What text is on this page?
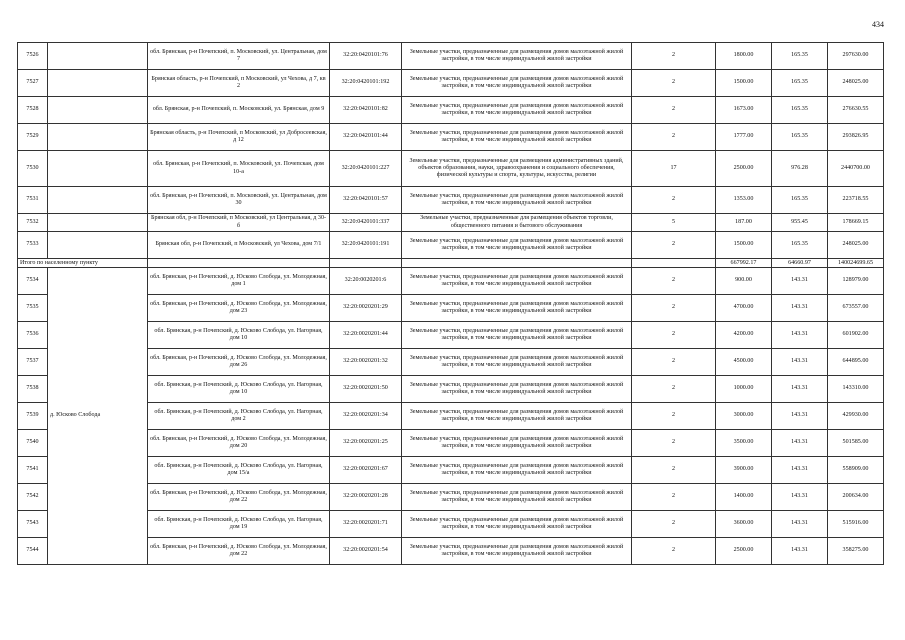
434
7526		обл. Брянская, р-н Почепский, п. Московский, ул. Центральная, дом 7	32:20:0420101:76	Земельные участки, предназначенные для размещения домов малоэтажной жилой застройки, в том числе индивидуальной жилой застройки	2	1800.00	165.35	297630.00
7527		Брянская область, р-н Почепский, п Московский, ул Чехова, д 7, кв 2	32:20:0420101:192	Земельные участки, предназначенные для размещения домов малоэтажной жилой застройки, в том числе индивидуальной жилой застройки	2	1500.00	165.35	248025.00
7528		обл. Брянская, р-н Почепский, п. Московский, ул. Брянская, дом 9	32:20:0420101:82	Земельные участки, предназначенные для размещения домов малоэтажной жилой застройки, в том числе индивидуальной жилой застройки	2	1673.00	165.35	276630.55
7529		Брянская область, р-н Почепский, п Московский, ул Добросеевская, д 12	32:20:0420101:44	Земельные участки, предназначенные для размещения домов малоэтажной жилой застройки, в том числе индивидуальной жилой застройки	2	1777.00	165.35	293826.95
7530		обл. Брянская, р-н Почепский, п. Московский, ул. Почепская, дом 10-а	32:20:0420101:227	Земельные участки, предназначенные для размещения административных зданий, объектов образования, науки, здравоохранения и социального обеспечения, физической культуры и спорта, культуры, искусства, религии	17	2500.00	976.28	2440700.00
7531		обл. Брянская, р-н Почепский, п. Московский, ул. Центральная, дом 30	32:20:0420101:57	Земельные участки, предназначенные для размещения домов малоэтажной жилой застройки, в том числе индивидуальной жилой застройки	2	1353.00	165.35	223718.55
7532		Брянская обл, р-н Почепский, п Московский, ул Центральная, д 30-б	32:20:0420101:337	Земельные участки, предназначенные для размещения объектов торговли, общественного питания и бытового обслуживания	5	187.00	955.45	178669.15
7533		Брянская обл, р-н Почепский, п Московский, ул Чехова, дом 7/1	32:20:0420101:191	Земельные участки, предназначенные для размещения домов малоэтажной жилой застройки, в том числе индивидуальной жилой застройки	2	1500.00	165.35	248025.00
Итого по населенному пункту						667992.17	64660.97	140024699.65
7534	д. Юсково Слобода	обл. Брянская, р-н Почепский, д. Юсково Слобода, ул. Молодежная, дом 1	32:20:0020201:6	Земельные участки, предназначенные для размещения домов малоэтажной жилой застройки, в том числе индивидуальной жилой застройки	2	900.00	143.31	128979.00
7535		обл. Брянская, р-н Почепский, д. Юсково Слобода, ул. Молодежная, дом 23	32:20:0020201:29	Земельные участки, предназначенные для размещения домов малоэтажной жилой застройки, в том числе индивидуальной жилой застройки	2	4700.00	143.31	673557.00
7536		обл. Брянская, р-н Почепский, д. Юсково Слобода, ул. Нагорная, дом 10	32:20:0020201:44	Земельные участки, предназначенные для размещения домов малоэтажной жилой застройки, в том числе индивидуальной жилой застройки	2	4200.00	143.31	601902.00
7537		обл. Брянская, р-н Почепский, д. Юсково Слобода, ул. Молодежная, дом 26	32:20:0020201:32	Земельные участки, предназначенные для размещения домов малоэтажной жилой застройки, в том числе индивидуальной жилой застройки	2	4500.00	143.31	644895.00
7538		обл. Брянская, р-н Почепский, д. Юсково Слобода, ул. Нагорная, дом 10	32:20:0020201:50	Земельные участки, предназначенные для размещения домов малоэтажной жилой застройки, в том числе индивидуальной жилой застройки	2	1000.00	143.31	143310.00
7539		обл. Брянская, р-н Почепский, д. Юсково Слобода, ул. Нагорная, дом 2	32:20:0020201:34	Земельные участки, предназначенные для размещения домов малоэтажной жилой застройки, в том числе индивидуальной жилой застройки	2	3000.00	143.31	429930.00
7540		обл. Брянская, р-н Почепский, д. Юсково Слобода, ул. Молодежная, дом 20	32:20:0020201:25	Земельные участки, предназначенные для размещения домов малоэтажной жилой застройки, в том числе индивидуальной жилой застройки	2	3500.00	143.31	501585.00
7541		обл. Брянская, р-н Почепский, д. Юсково Слобода, ул. Нагорная, дом 15/а	32:20:0020201:67	Земельные участки, предназначенные для размещения домов малоэтажной жилой застройки, в том числе индивидуальной жилой застройки	2	3900.00	143.31	558909.00
7542		обл. Брянская, р-н Почепский, д. Юсково Слобода, ул. Молодежная, дом 22	32:20:0020201:28	Земельные участки, предназначенные для размещения домов малоэтажной жилой застройки, в том числе индивидуальной жилой застройки	2	1400.00	143.31	200634.00
7543		обл. Брянская, р-н Почепский, д. Юсково Слобода, ул. Нагорная, дом 19	32:20:0020201:71	Земельные участки, предназначенные для размещения домов малоэтажной жилой застройки, в том числе индивидуальной жилой застройки	2	3600.00	143.31	515916.00
7544		обл. Брянская, р-н Почепский, д. Юсково Слобода, ул. Молодежная, дом 22	32:20:0020201:54	Земельные участки, предназначенные для размещения домов малоэтажной жилой застройки, в том числе индивидуальной жилой застройки	2	2500.00	143.31	358275.00
